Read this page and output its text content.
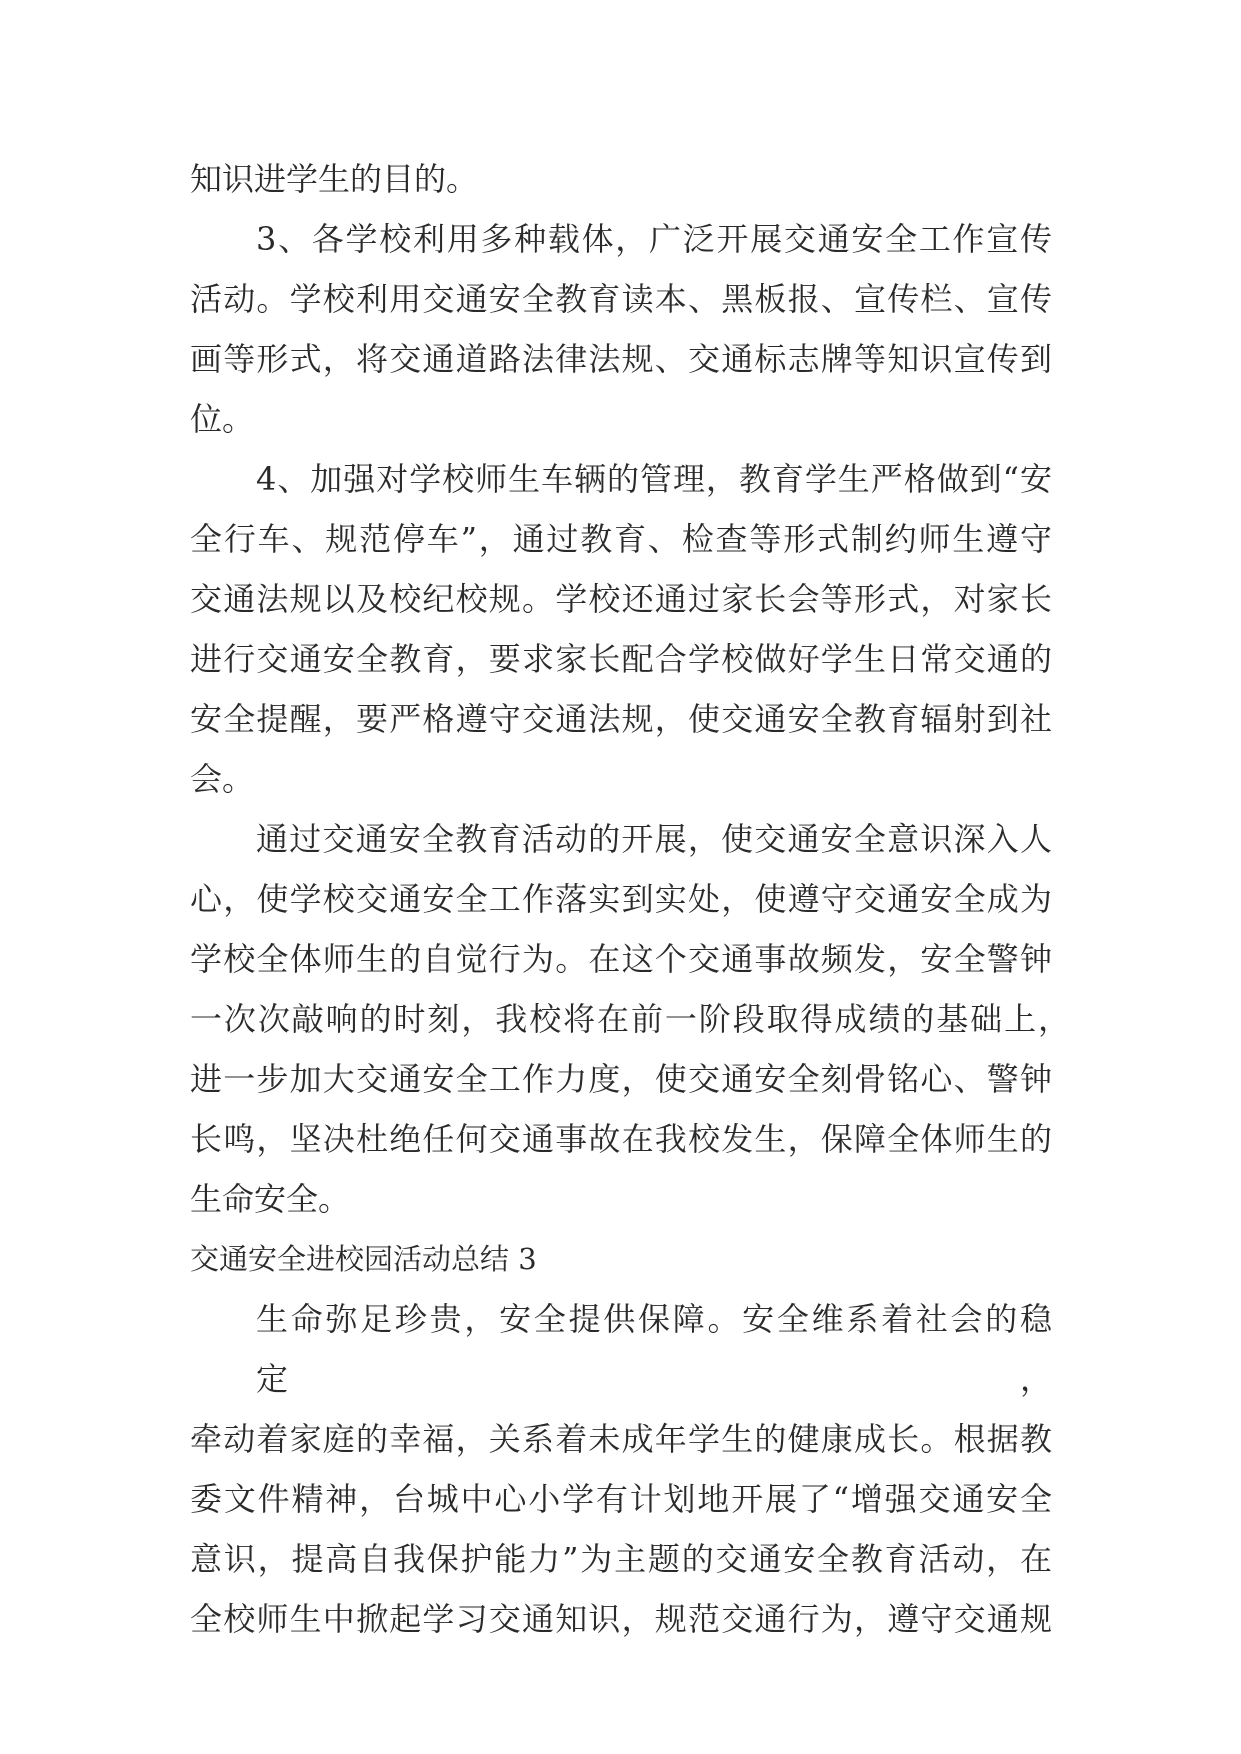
知识进学生的目的。
3、各学校利用多种载体，广泛开展交通安全工作宣传
活动。学校利用交通安全教育读本、黑板报、宣传栏、宣传
画等形式，将交通道路法律法规、交通标志牌等知识宣传到
位。
4、加强对学校师生车辆的管理，教育学生严格做到“安
全行车、规范停车”，通过教育、检查等形式制约师生遵守
交通法规以及校纪校规。学校还通过家长会等形式，对家长
进行交通安全教育，要求家长配合学校做好学生日常交通的
安全提醒，要严格遵守交通法规，使交通安全教育辐射到社
会。
通过交通安全教育活动的开展，使交通安全意识深入人
心，使学校交通安全工作落实到实处，使遵守交通安全成为
学校全体师生的自觉行为。在这个交通事故频发，安全警钟
一次次敲响的时刻，我校将在前一阶段取得成绩的基础上，
进一步加大交通安全工作力度，使交通安全刻骨铭心、警钟
长鸣，坚决杜绝任何交通事故在我校发生，保障全体师生的
生命安全。
交通安全进校园活动总结 3
生命弥足珍贵，安全提供保障。安全维系着社会的稳定，
牵动着家庭的幸福，关系着未成年学生的健康成长。根据教
委文件精神，台城中心小学有计划地开展了“增强交通安全
意识，提高自我保护能力”为主题的交通安全教育活动，在
全校师生中掀起学习交通知识，规范交通行为，遵守交通规
